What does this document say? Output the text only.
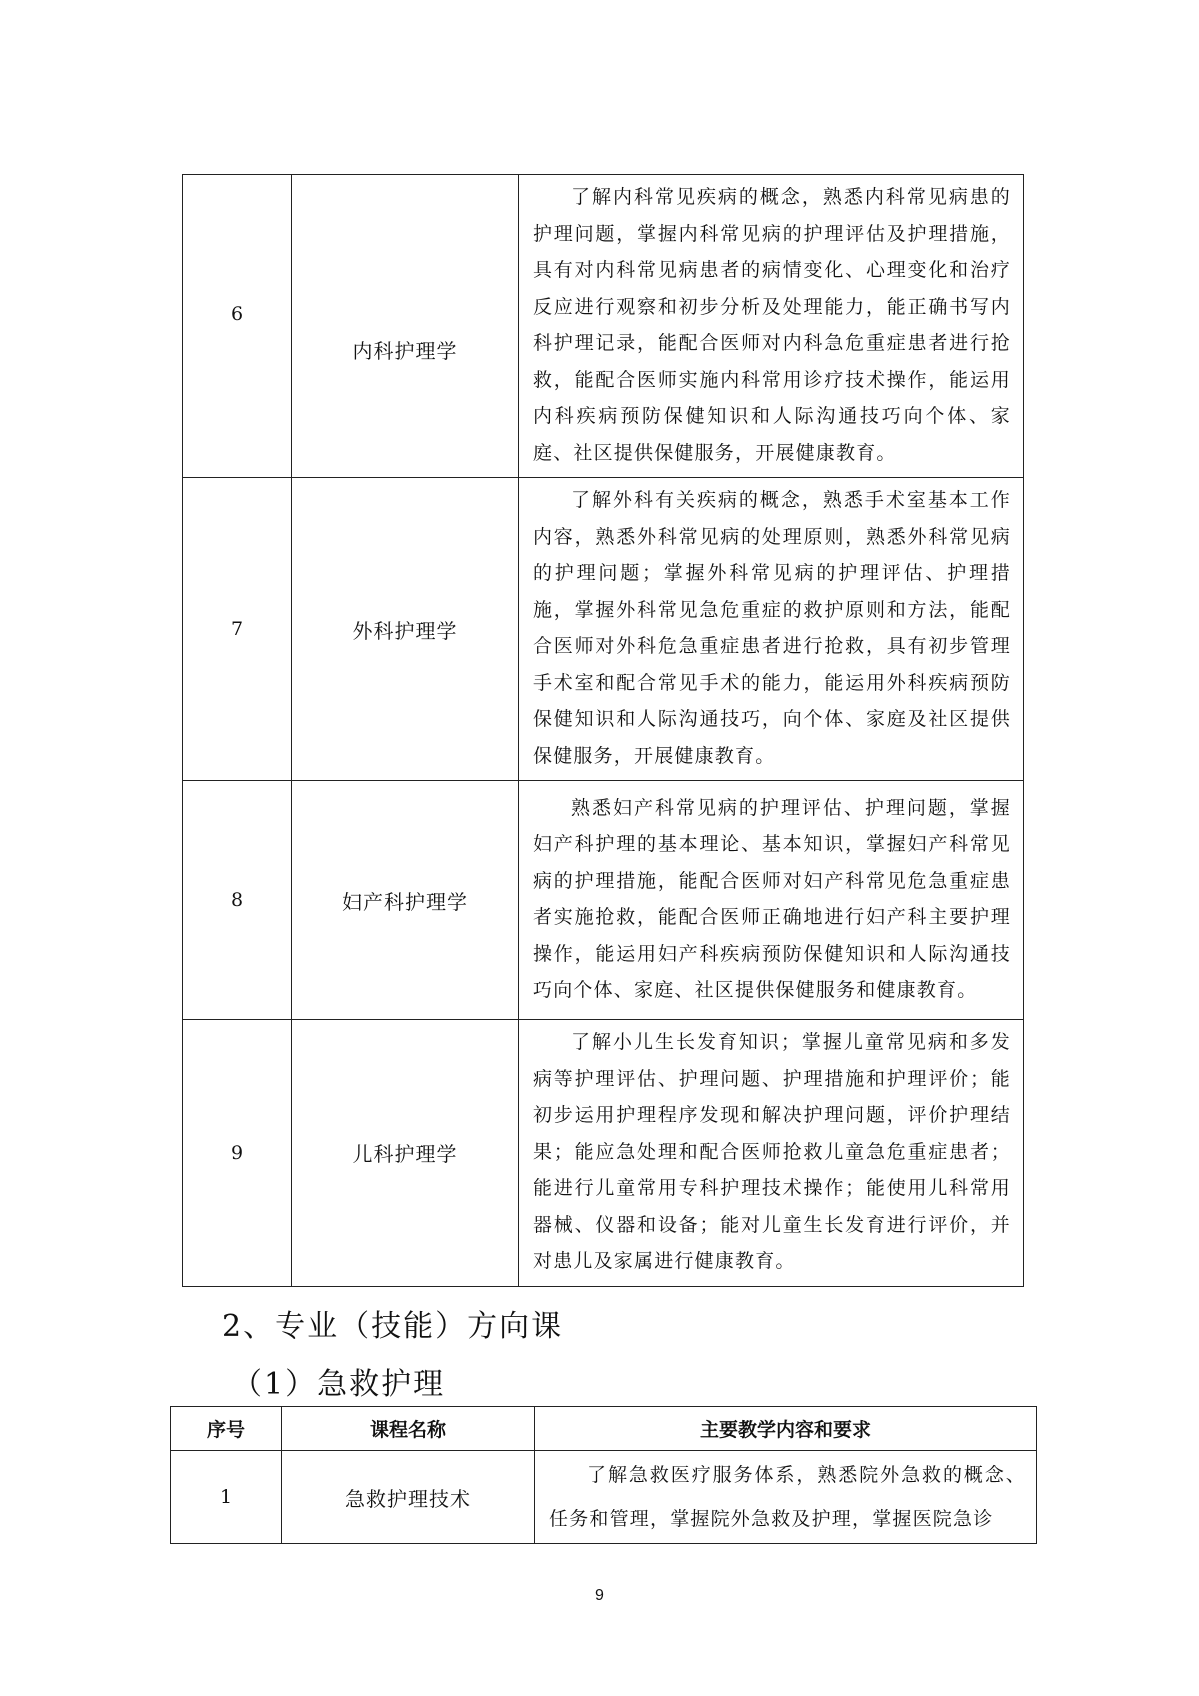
6	内科护理学	了解内科常见疾病的概念，熟悉内科常见病患的护理问题，掌握内科常见病的护理评估及护理措施，具有对内科常见病患者的病情变化、心理变化和治疗反应进行观察和初步分析及处理能力，能正确书写内科护理记录，能配合医师对内科急危重症患者进行抢救，能配合医师实施内科常用诊疗技术操作，能运用内科疾病预防保健知识和人际沟通技巧向个体、家庭、社区提供保健服务，开展健康教育。
7	外科护理学	了解外科有关疾病的概念，熟悉手术室基本工作内容，熟悉外科常见病的处理原则，熟悉外科常见病的护理问题；掌握外科常见病的护理评估、护理措施，掌握外科常见急危重症的救护原则和方法，能配合医师对外科危急重症患者进行抢救，具有初步管理手术室和配合常见手术的能力，能运用外科疾病预防保健知识和人际沟通技巧，向个体、家庭及社区提供保健服务，开展健康教育。
8	妇产科护理学	熟悉妇产科常见病的护理评估、护理问题，掌握妇产科护理的基本理论、基本知识，掌握妇产科常见病的护理措施，能配合医师对妇产科常见危急重症患者实施抢救，能配合医师正确地进行妇产科主要护理操作，能运用妇产科疾病预防保健知识和人际沟通技巧向个体、家庭、社区提供保健服务和健康教育。
9	儿科护理学	了解小儿生长发育知识；掌握儿童常见病和多发病等护理评估、护理问题、护理措施和护理评价；能初步运用护理程序发现和解决护理问题，评价护理结果；能应急处理和配合医师抢救儿童急危重症患者；能进行儿童常用专科护理技术操作；能使用儿科常用器械、仪器和设备；能对儿童生长发育进行评价，并对患儿及家属进行健康教育。
2、专业（技能）方向课
（1）急救护理
序号	课程名称	主要教学内容和要求
1	急救护理技术	了解急救医疗服务体系，熟悉院外急救的概念、任务和管理，掌握院外急救及护理，掌握医院急诊
9
